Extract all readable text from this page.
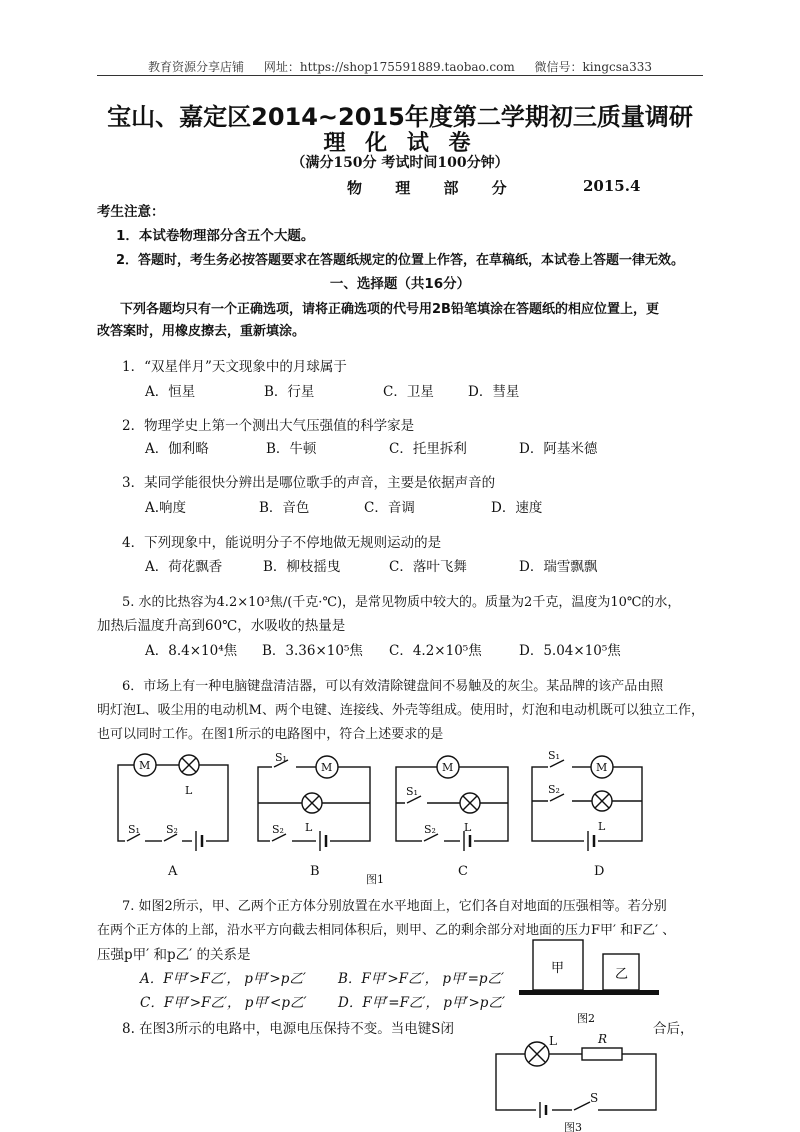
教育资源分享店铺 网址：https://shop175591889.taobao.com 微信号：kingcsa333
宝山、嘉定区2014~2015年度第二学期初三质量调研
理 化 试 卷
（满分150分 考试时间100分钟）
物 理 部 分	2015.4
考生注意：
1．本试卷物理部分含五个大题。
2．答题时，考生务必按答题要求在答题纸规定的位置上作答，在草稿纸，本试卷上答题一律无效。
一、选择题（共16分）
下列各题均只有一个正确选项，请将正确选项的代号用2B铅笔填涂在答题纸的相应位置上，更
改答案时，用橡皮擦去，重新填涂。
1．“双星伴月”天文现象中的月球属于
A．恒星	B．行星	C．卫星	D．彗星
2．物理学史上第一个测出大气压强值的科学家是
A．伽利略	B．牛顿	C．托里拆利	D．阿基米德
3．某同学能很快分辨出是哪位歌手的声音，主要是依据声音的
A.响度	B．音色	C．音调	D．速度
4．下列现象中，能说明分子不停地做无规则运动的是
A．荷花飘香	B．柳枝摇曳	C．落叶飞舞	D．瑞雪飘飘
5. 水的比热容为4.2×10³焦/(千克·℃)，是常见物质中较大的。质量为2千克，温度为10℃的水，
加热后温度升高到60℃，水吸收的热量是
A．8.4×10⁴焦 B．3.36×10⁵焦 C．4.2×10⁵焦	D．5.04×10⁵焦
6．市场上有一种电脑键盘清洁器，可以有效清除键盘间不易触及的灰尘。某品牌的该产品由照
明灯泡L、吸尘用的电动机M、两个电键、连接线、外壳等组成。使用时，灯泡和电动机既可以独立工作，
也可以同时工作。在图1所示的电路图中，符合上述要求的是
M
L
S₁ S₂
S₁
M
S₂ L
M
S₁
S₂	L
S₁
M
S₂
L
A	B	C	D
图1
7. 如图2所示，甲、乙两个正方体分别放置在水平地面上，它们各自对地面的压强相等。若分别
在两个正方体的上部，沿水平方向截去相同体积后，则甲、乙的剩余部分对地面的压力F甲′ 和F乙′ 、
压强p甲′ 和p乙′ 的关系是
A．F甲′>F乙′， p甲′>p乙′ B．F甲′>F乙′， p甲′=p乙′
C．F甲′>F乙′， p甲′<p乙′ D．F甲′=F乙′， p甲′>p乙′
甲	乙
图2
8. 在图3所示的电路中，电源电压保持不变。当电键S闭	合后，
L	R
S
图3
